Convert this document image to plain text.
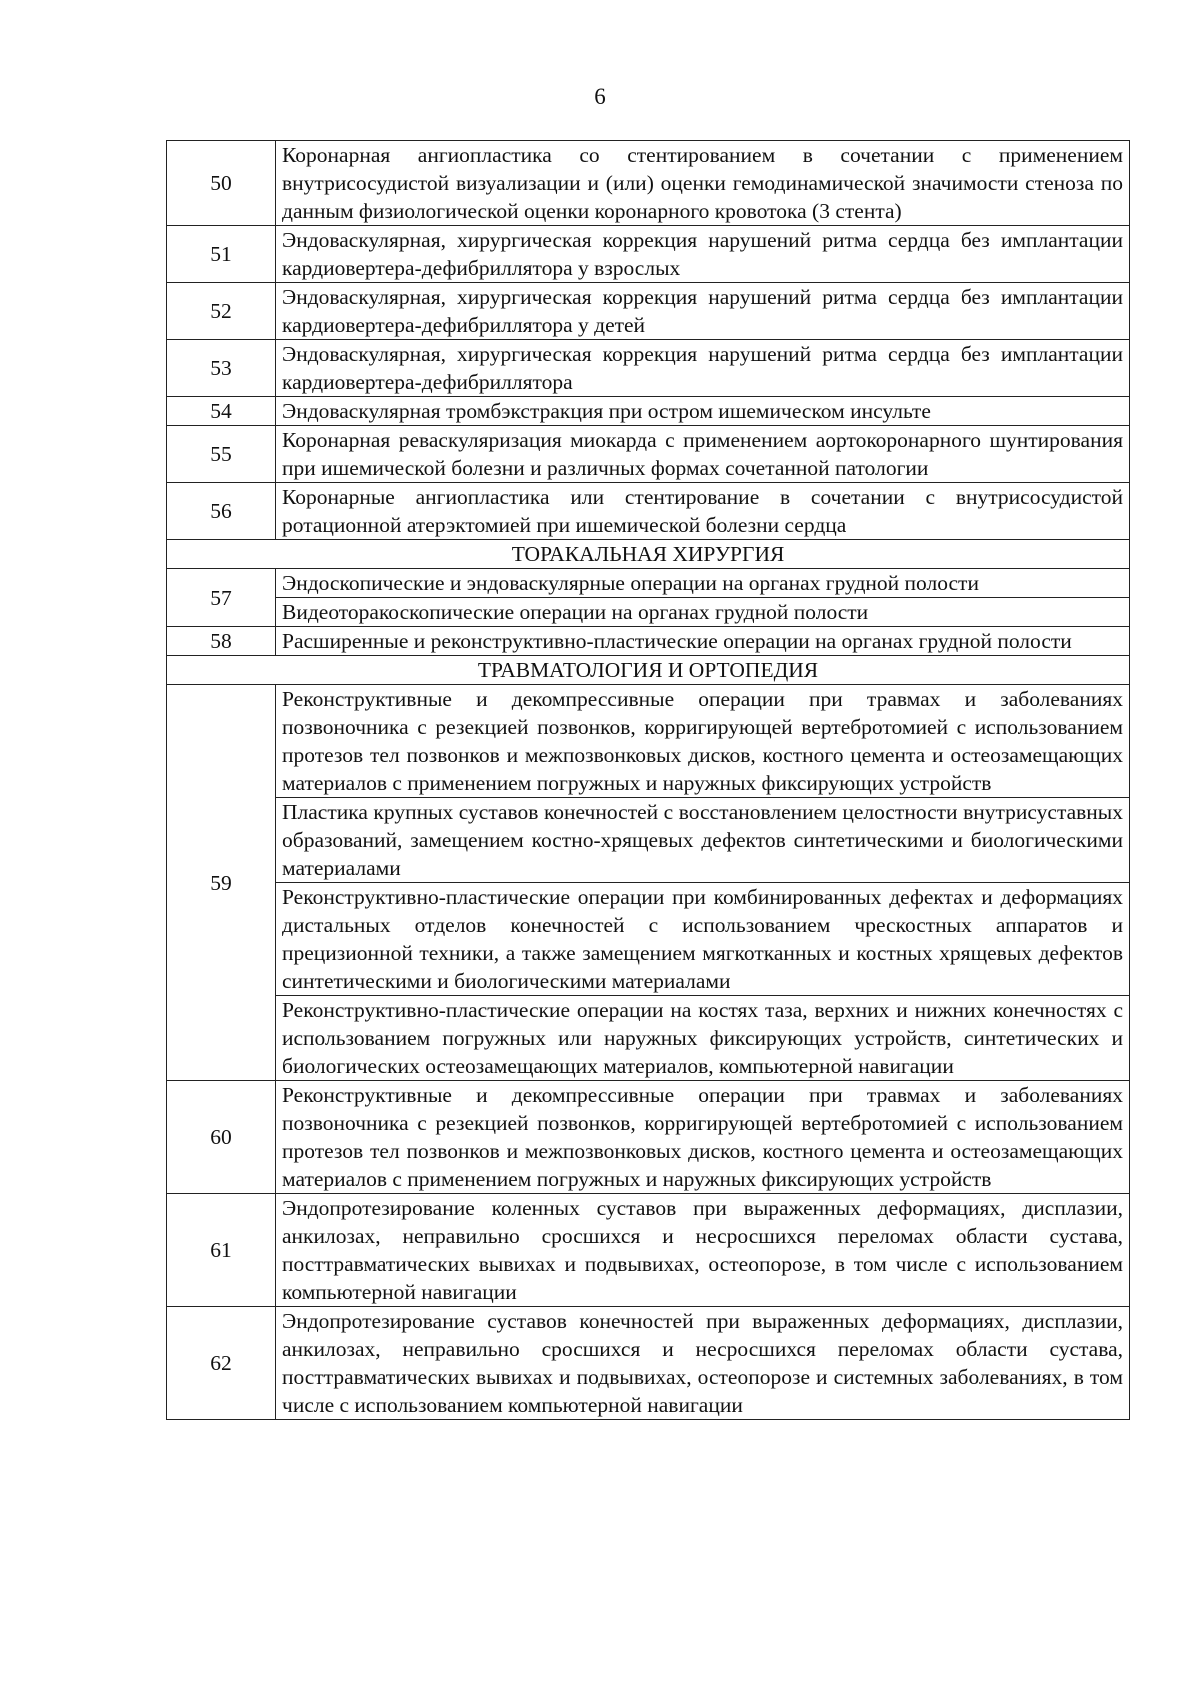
6
50	Коронарная ангиопластика со стентированием в сочетании с применением внутрисосудистой визуализации и (или) оценки гемодинамической значимости стеноза по данным физиологической оценки коронарного кровотока (3 стента)
51	Эндоваскулярная, хирургическая коррекция нарушений ритма сердца без имплантации кардиовертера-дефибриллятора у взрослых
52	Эндоваскулярная, хирургическая коррекция нарушений ритма сердца без имплантации кардиовертера-дефибриллятора у детей
53	Эндоваскулярная, хирургическая коррекция нарушений ритма сердца без имплантации кардиовертера-дефибриллятора
54	Эндоваскулярная тромбэкстракция при остром ишемическом инсульте
55	Коронарная реваскуляризация миокарда с применением аортокоронарного шунтирования при ишемической болезни и различных формах сочетанной патологии
56	Коронарные ангиопластика или стентирование в сочетании с внутрисосудистой ротационной атерэктомией при ишемической болезни сердца
ТОРАКАЛЬНАЯ ХИРУРГИЯ	
57	Эндоскопические и эндоваскулярные операции на органах грудной полости
	Видеоторакоскопические операции на органах грудной полости
58	Расширенные и реконструктивно-пластические операции на органах грудной полости
ТРАВМАТОЛОГИЯ И ОРТОПЕДИЯ	
59	Реконструктивные и декомпрессивные операции при травмах и заболеваниях позвоночника с резекцией позвонков, корригирующей вертебротомией с использованием протезов тел позвонков и межпозвонковых дисков, костного цемента и остеозамещающих материалов с применением погружных и наружных фиксирующих устройств
	Пластика крупных суставов конечностей с восстановлением целостности внутрисуставных образований, замещением костно-хрящевых дефектов синтетическими и биологическими материалами
	Реконструктивно-пластические операции при комбинированных дефектах и деформациях дистальных отделов конечностей с использованием чрескостных аппаратов и прецизионной техники, а также замещением мягкотканных и костных хрящевых дефектов синтетическими и биологическими материалами
	Реконструктивно-пластические операции на костях таза, верхних и нижних конечностях с использованием погружных или наружных фиксирующих устройств, синтетических и биологических остеозамещающих материалов, компьютерной навигации
60	Реконструктивные и декомпрессивные операции при травмах и заболеваниях позвоночника с резекцией позвонков, корригирующей вертебротомией с использованием протезов тел позвонков и межпозвонковых дисков, костного цемента и остеозамещающих материалов с применением погружных и наружных фиксирующих устройств
61	Эндопротезирование коленных суставов при выраженных деформациях, дисплазии, анкилозах, неправильно сросшихся и несросшихся переломах области сустава, посттравматических вывихах и подвывихах, остеопорозе, в том числе с использованием компьютерной навигации
62	Эндопротезирование суставов конечностей при выраженных деформациях, дисплазии, анкилозах, неправильно сросшихся и несросшихся переломах области сустава, посттравматических вывихах и подвывихах, остеопорозе и системных заболеваниях, в том числе с использованием компьютерной навигации
